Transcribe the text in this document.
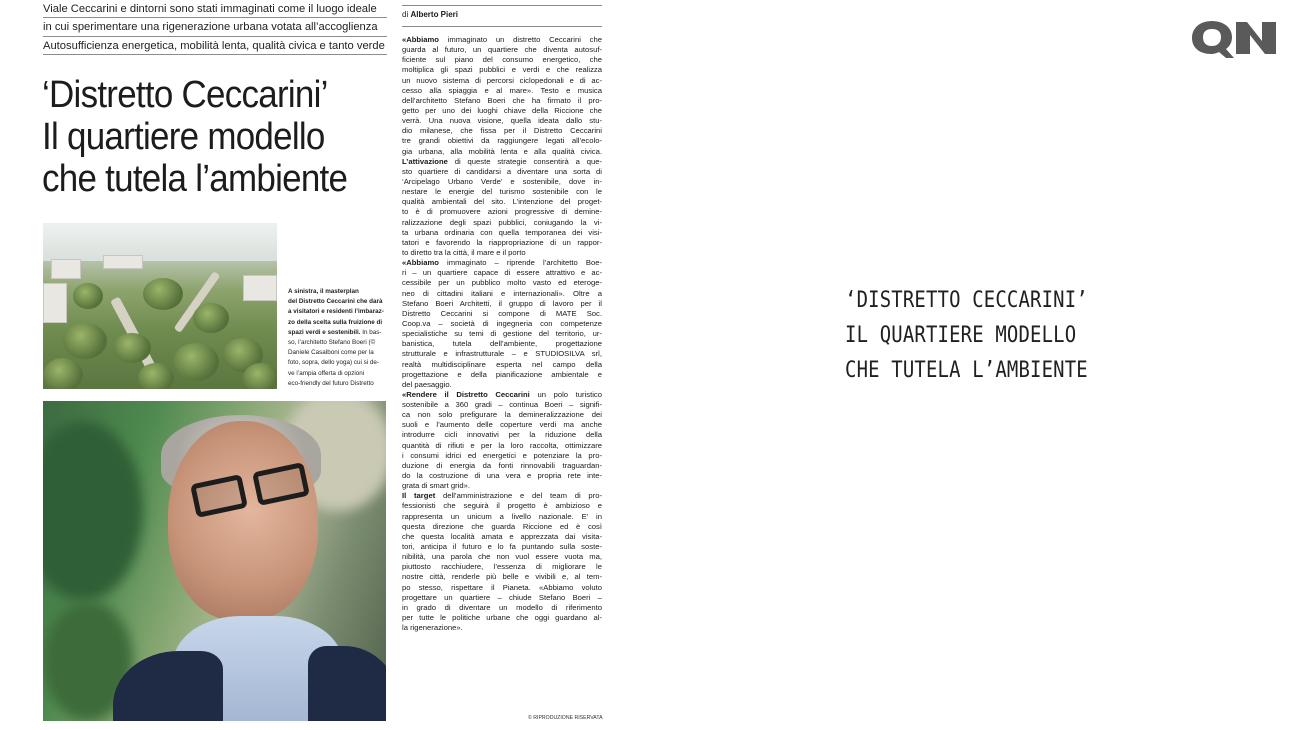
Viale Ceccarini e dintorni sono stati immaginati come il luogo ideale
in cui sperimentare una rigenerazione urbana votata all’accoglienza
Autosufficienza energetica, mobilità lenta, qualità civica e tanto verde
‘Distretto Ceccarini’
Il quartiere modello
che tutela l’ambiente
A sinistra, il masterplan
del Distretto Ceccarini che darà
a visitatori e residenti l’imbaraz-
zo della scelta sulla fruizione di
spazi verdi e sostenibili. In bas-
so, l’architetto Stefano Boeri (©
Daniele Casalboni come per la
foto, sopra, dello yoga) cui si de-
ve l’ampia offerta di opzioni
eco-friendly del futuro Distretto
di Alberto Pieri
«Abbiamo immaginato un distretto Ceccarini che
guarda al futuro, un quartiere che diventa autosuf-
ficiente sul piano del consumo energetico, che
moltiplica gli spazi pubblici e verdi e che realizza
un nuovo sistema di percorsi ciclopedonali e di ac-
cesso alla spiaggia e al mare». Testo e musica
dell’architetto Stefano Boeri che ha firmato il pro-
getto per uno dei luoghi chiave della Riccione che
verrà. Una nuova visione, quella ideata dallo stu-
dio milanese, che fissa per il Distretto Ceccarini
tre grandi obiettivi da raggiungere legati all’ecolo-
gia urbana, alla mobilità lenta e alla qualità civica.
L’attivazione di queste strategie consentirà a que-
sto quartiere di candidarsi a diventare una sorta di
‘Arcipelago Urbano Verde’ e sostenibile, dove in-
nestare le energie del turismo sostenibile con le
qualità ambientali del sito. L’intenzione del proget-
to è di promuovere azioni progressive di demine-
ralizzazione degli spazi pubblici, coniugando la vi-
ta urbana ordinaria con quella temporanea dei visi-
tatori e favorendo la riappropriazione di un rappor-
to diretto tra la città, il mare e il porto
«Abbiamo immaginato – riprende l’architetto Boe-
ri – un quartiere capace di essere attrattivo e ac-
cessibile per un pubblico molto vasto ed eteroge-
neo di cittadini italiani e internazionali». Oltre a
Stefano Boeri Architetti, il gruppo di lavoro per il
Distretto Ceccarini si compone di MATE Soc.
Coop.va – società di ingegneria con competenze
specialistiche su temi di gestione del territorio, ur-
banistica, tutela dell’ambiente, progettazione
strutturale e infrastrutturale – e STUDIOSILVA srl,
realtà multidisciplinare esperta nel campo della
progettazione e della pianificazione ambientale e
del paesaggio.
«Rendere il Distretto Ceccarini un polo turistico
sostenibile a 360 gradi – continua Boeri – signifi-
ca non solo prefigurare la demineralizzazione dei
suoli e l’aumento delle coperture verdi ma anche
introdurre cicli innovativi per la riduzione della
quantità di rifiuti e per la loro raccolta, ottimizzare
i consumi idrici ed energetici e potenziare la pro-
duzione di energia da fonti rinnovabili traguardan-
do la costruzione di una vera e propria rete inte-
grata di smart grid».
Il target dell’amministrazione e del team di pro-
fessionisti che seguirà il progetto è ambizioso e
rappresenta un unicum a livello nazionale. E’ in
questa direzione che guarda Riccione ed è così
che questa località amata e apprezzata dai visita-
tori, anticipa il futuro e lo fa puntando sulla soste-
nibilità, una parola che non vuol essere vuota ma,
piuttosto racchiudere, l’essenza di migliorare le
nostre città, renderle più belle e vivibili e, al tem-
po stesso, rispettare il Pianeta. «Abbiamo voluto
progettare un quartiere – chiude Stefano Boeri –
in grado di diventare un modello di riferimento
per tutte le politiche urbane che oggi guardano al-
la rigenerazione».
© RIPRODUZIONE RISERVATA
QN
‘DISTRETTO CECCARINI’
IL QUARTIERE MODELLO
CHE TUTELA L’AMBIENTE
